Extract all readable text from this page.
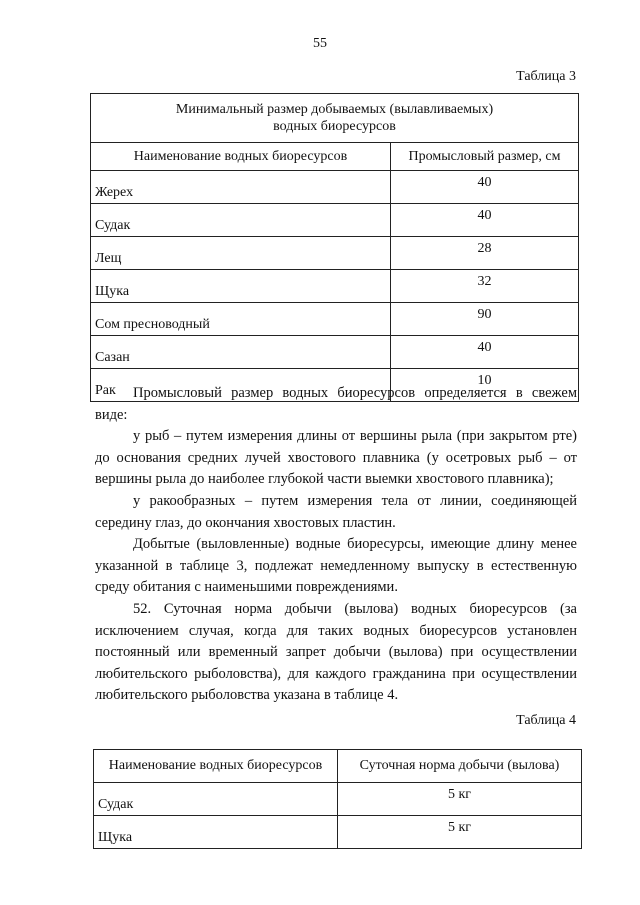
55

Таблица 3

Минимальный размер добываемых (вылавливаемых)
водных биоресурсов	
Наименование водных биоресурсов	Промысловый размер, см
Жерех	40
Судак	40
Лещ	28
Щука	32
Сом пресноводный	90
Сазан	40
Рак	10

Промысловый размер водных биоресурсов определяется в свежем виде:

у рыб – путем измерения длины от вершины рыла (при закрытом рте) до основания средних лучей хвостового плавника (у осетровых рыб – от вершины рыла до наиболее глубокой части выемки хвостового плавника);

у ракообразных – путем измерения тела от линии, соединяющей середину глаз, до окончания хвостовых пластин.

Добытые (выловленные) водные биоресурсы, имеющие длину менее указанной в таблице 3, подлежат немедленному выпуску в естественную среду обитания с наименьшими повреждениями.

52. Суточная норма добычи (вылова) водных биоресурсов (за исключением случая, когда для таких водных биоресурсов установлен постоянный или временный запрет добычи (вылова) при осуществлении любительского рыболовства), для каждого гражданина при осуществлении любительского рыболовства указана в таблице 4.

Таблица 4

Наименование водных биоресурсов	Суточная норма добычи (вылова)
Судак	5 кг
Щука	5 кг
